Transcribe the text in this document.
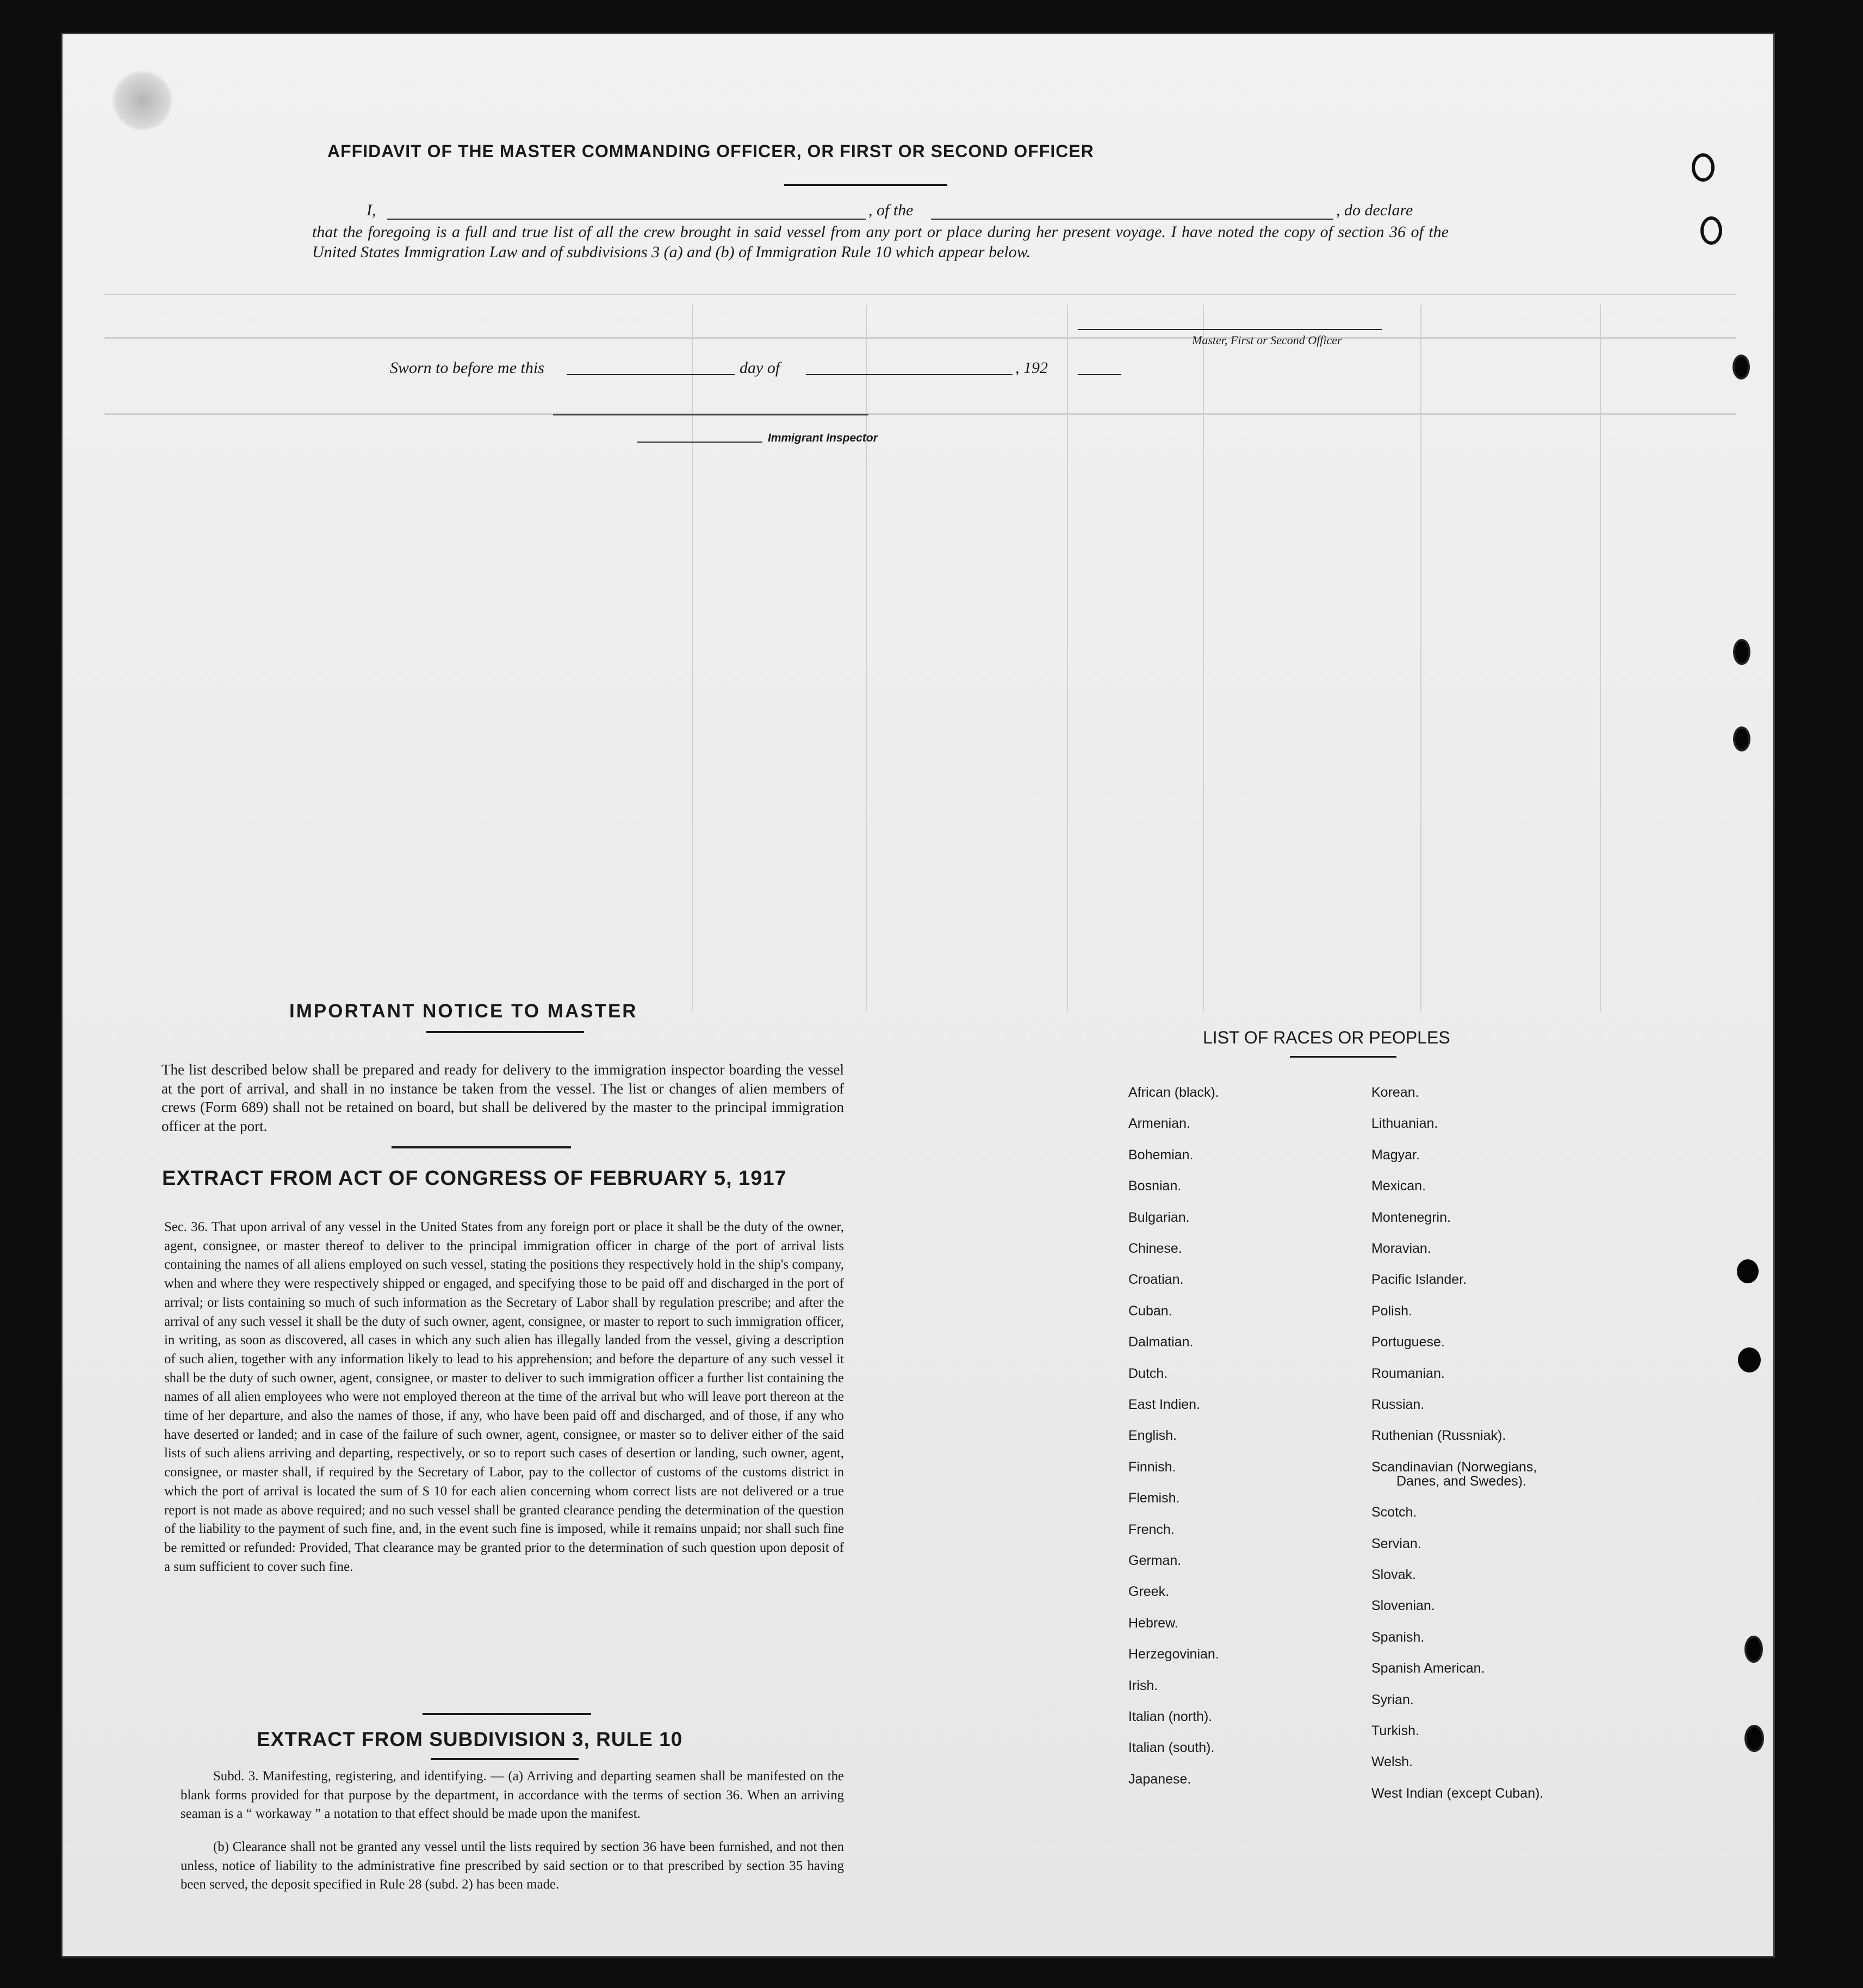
AFFIDAVIT OF THE MASTER COMMANDING OFFICER, OR FIRST OR SECOND OFFICER
I,	, of the	, do declare
that the foregoing is a full and true list of all the crew brought in said vessel from any port or place during her present voyage. I have noted the copy of section 36 of the United States Immigration Law and of subdivisions 3 (a) and (b) of Immigration Rule 10 which appear below.
Master, First or Second Officer
Sworn to before me this	day of	, 192
Immigrant Inspector
IMPORTANT NOTICE TO MASTER
The list described below shall be prepared and ready for delivery to the immigration inspector boarding the vessel at the port of arrival, and shall in no instance be taken from the vessel. The list or changes of alien members of crews (Form 689) shall not be retained on board, but shall be delivered by the master to the principal immigration officer at the port.
EXTRACT FROM ACT OF CONGRESS OF FEBRUARY 5, 1917
Sec. 36. That upon arrival of any vessel in the United States from any foreign port or place it shall be the duty of the owner, agent, consignee, or master thereof to deliver to the principal immigration officer in charge of the port of arrival lists containing the names of all aliens employed on such vessel, stating the positions they respectively hold in the ship's company, when and where they were respectively shipped or engaged, and specifying those to be paid off and discharged in the port of arrival; or lists containing so much of such information as the Secretary of Labor shall by regulation prescribe; and after the arrival of any such vessel it shall be the duty of such owner, agent, consignee, or master to report to such immigration officer, in writing, as soon as discovered, all cases in which any such alien has illegally landed from the vessel, giving a description of such alien, together with any information likely to lead to his apprehension; and before the departure of any such vessel it shall be the duty of such owner, agent, consignee, or master to deliver to such immigration officer a further list containing the names of all alien employees who were not employed thereon at the time of the arrival but who will leave port thereon at the time of her departure, and also the names of those, if any, who have been paid off and discharged, and of those, if any who have deserted or landed; and in case of the failure of such owner, agent, consignee, or master so to deliver either of the said lists of such aliens arriving and departing, respectively, or so to report such cases of desertion or landing, such owner, agent, consignee, or master shall, if required by the Secretary of Labor, pay to the collector of customs of the customs district in which the port of arrival is located the sum of $ 10 for each alien concerning whom correct lists are not delivered or a true report is not made as above required; and no such vessel shall be granted clearance pending the determination of the question of the liability to the payment of such fine, and, in the event such fine is imposed, while it remains unpaid; nor shall such fine be remitted or refunded: Provided, That clearance may be granted prior to the determination of such question upon deposit of a sum sufficient to cover such fine.
EXTRACT FROM SUBDIVISION 3, RULE 10
Subd. 3. Manifesting, registering, and identifying. — (a) Arriving and departing seamen shall be manifested on the blank forms provided for that purpose by the department, in accordance with the terms of section 36. When an arriving seaman is a “ workaway ” a notation to that effect should be made upon the manifest.
(b) Clearance shall not be granted any vessel until the lists required by section 36 have been furnished, and not then unless, notice of liability to the administrative fine prescribed by said section or to that prescribed by section 35 having been served, the deposit specified in Rule 28 (subd. 2) has been made.
LIST OF RACES OR PEOPLES
African (black).
Armenian.
Bohemian.
Bosnian.
Bulgarian.
Chinese.
Croatian.
Cuban.
Dalmatian.
Dutch.
East Indien.
English.
Finnish.
Flemish.
French.
German.
Greek.
Hebrew.
Herzegovinian.
Irish.
Italian (north).
Italian (south).
Japanese.
Korean.
Lithuanian.
Magyar.
Mexican.
Montenegrin.
Moravian.
Pacific Islander.
Polish.
Portuguese.
Roumanian.
Russian.
Ruthenian (Russniak).
Scandinavian (Norwegians,
Danes, and Swedes).
Scotch.
Servian.
Slovak.
Slovenian.
Spanish.
Spanish American.
Syrian.
Turkish.
Welsh.
West Indian (except Cuban).
